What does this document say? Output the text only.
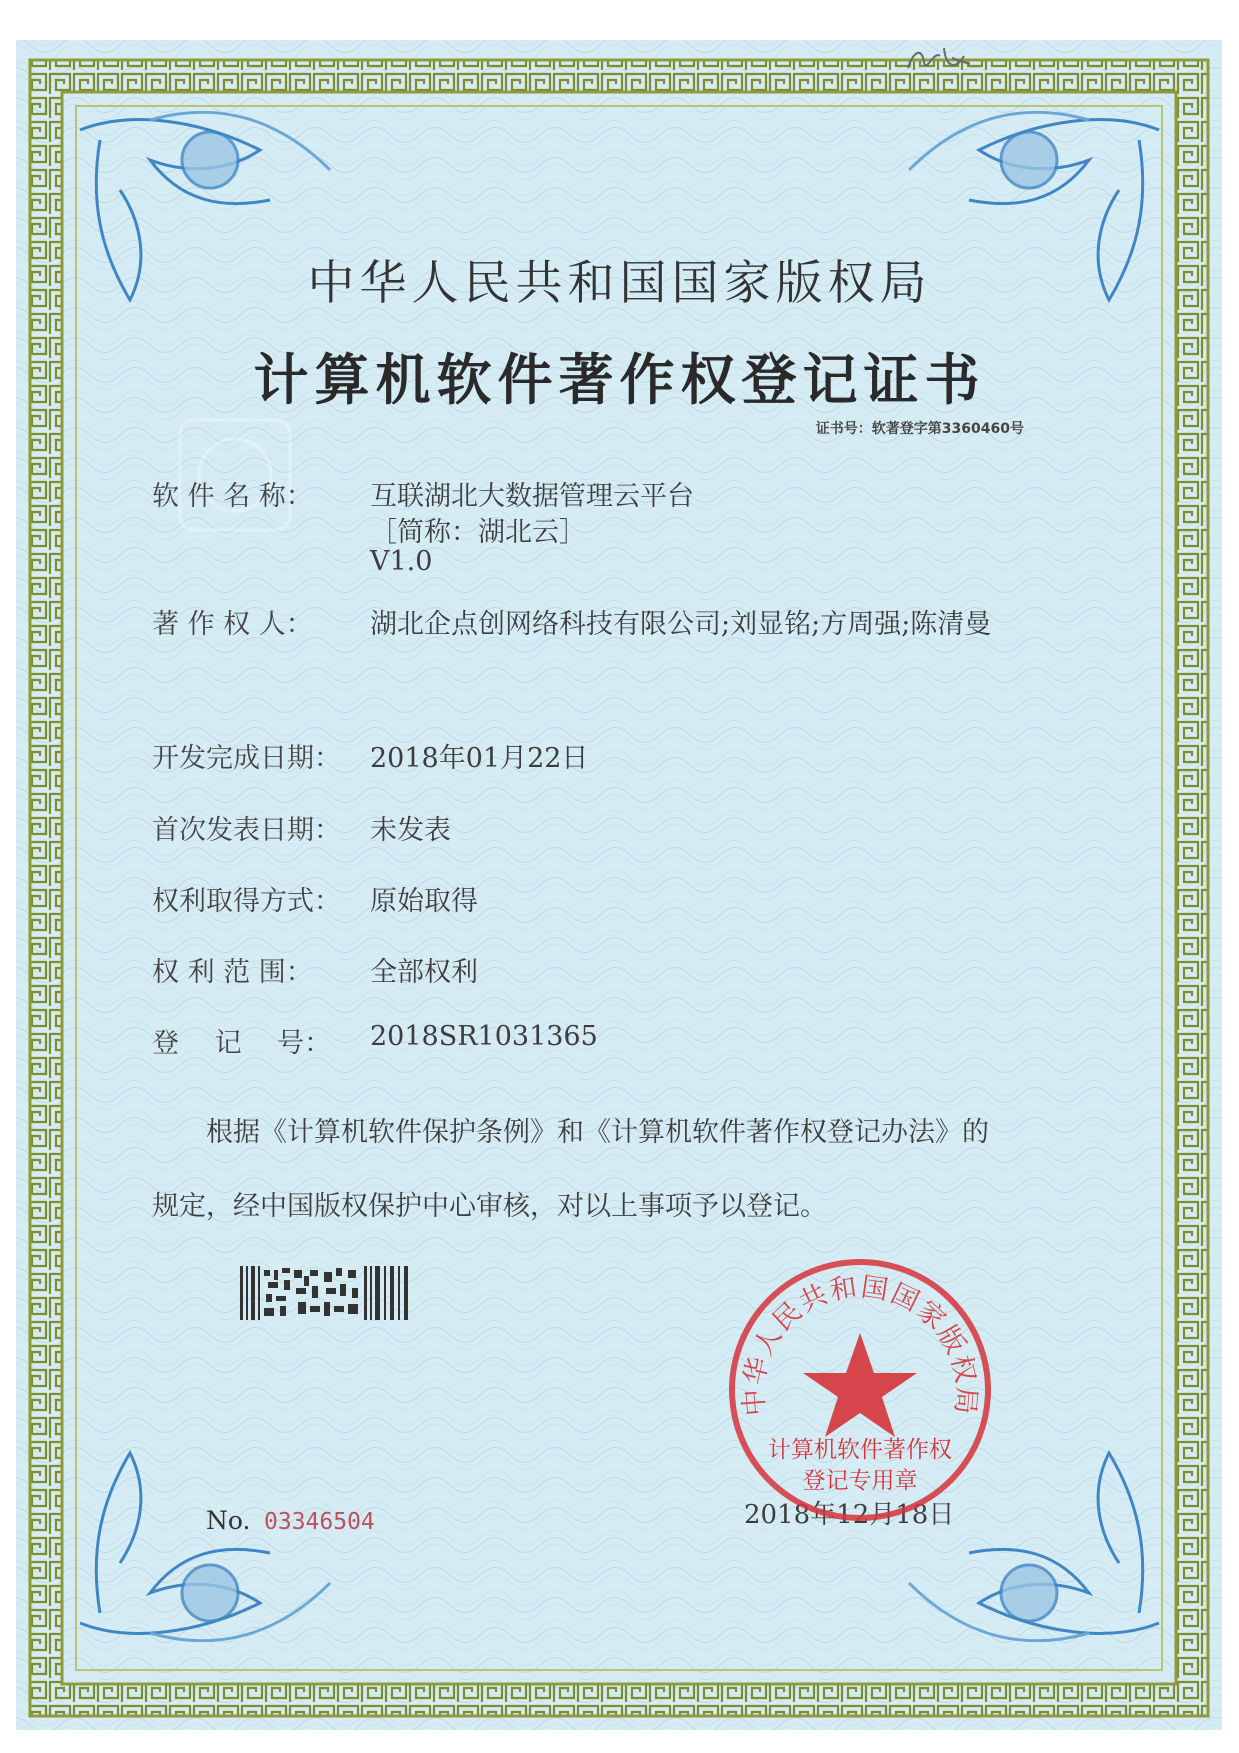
中华人民共和国国家版权局
计算机软件著作权登记证书
证书号：软著登字第3360460号
软 件 名 称： 互联湖北大数据管理云平台
［简称：湖北云］
V1.0
著 作 权 人： 湖北企点创网络科技有限公司;刘显铭;方周强;陈清曼
开发完成日期： 2018年01月22日
首次发表日期： 未发表
权利取得方式： 原始取得
权 利 范 围： 全部权利
登　 记　 号： 2018SR1031365
根据《计算机软件保护条例》和《计算机软件著作权登记办法》的
规定，经中国版权保护中心审核，对以上事项予以登记。
No. 03346504	2018年12月18日
中华人民共和国国家版权局
计算机软件著作权
登记专用章
